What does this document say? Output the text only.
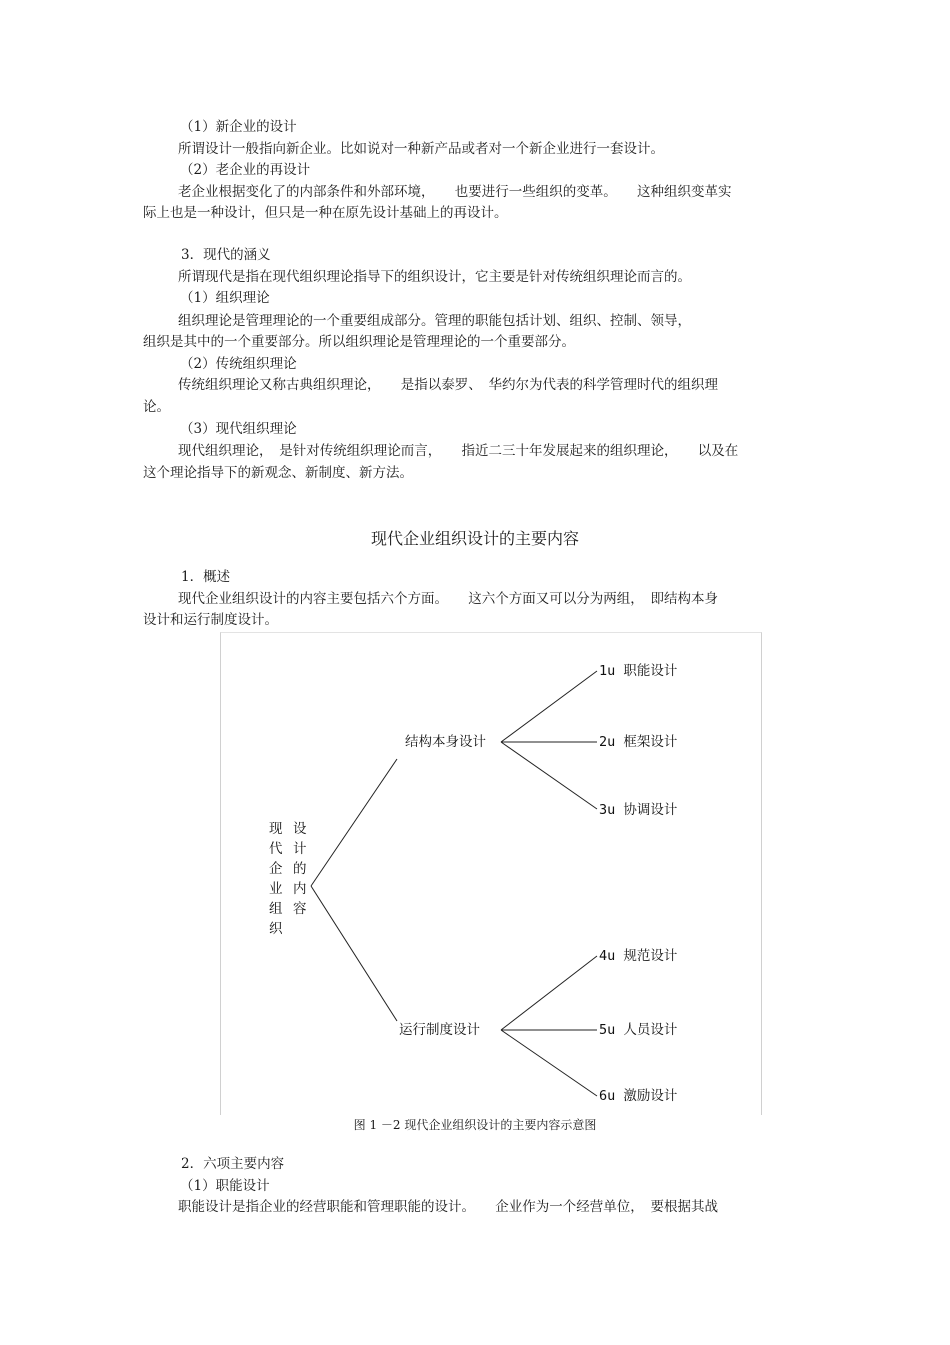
（1）新企业的设计
所谓设计一般指向新企业。比如说对一种新产品或者对一个新企业进行一套设计。
（2）老企业的再设计
老企业根据变化了的内部条件和外部环境，　　也要进行一些组织的变革。　　这种组织变革实
际上也是一种设计，但只是一种在原先设计基础上的再设计。
3．现代的涵义
所谓现代是指在现代组织理论指导下的组织设计，它主要是针对传统组织理论而言的。
（1）组织理论
组织理论是管理理论的一个重要组成部分。管理的职能包括计划、组织、控制、领导，
组织是其中的一个重要部分。所以组织理论是管理理论的一个重要部分。
（2）传统组织理论
传统组织理论又称古典组织理论，　　是指以泰罗、　华约尔为代表的科学管理时代的组织理
论。
（3）现代组织理论
现代组织理论，　是针对传统组织理论而言，　　指近二三十年发展起来的组织理论，　　以及在
这个理论指导下的新观念、新制度、新方法。
现代企业组织设计的主要内容
1．概述
现代企业组织设计的内容主要包括六个方面。　　这六个方面又可以分为两组，　即结构本身
设计和运行制度设计。
现代企业组织
设计的内容
结构本身设计
运行制度设计
1u 职能设计
2u 框架设计
3u 协调设计
4u 规范设计
5u 人员设计
6u 激励设计
图 1 －2 现代企业组织设计的主要内容示意图
2．六项主要内容
（1）职能设计
职能设计是指企业的经营职能和管理职能的设计。　　企业作为一个经营单位，　要根据其战
